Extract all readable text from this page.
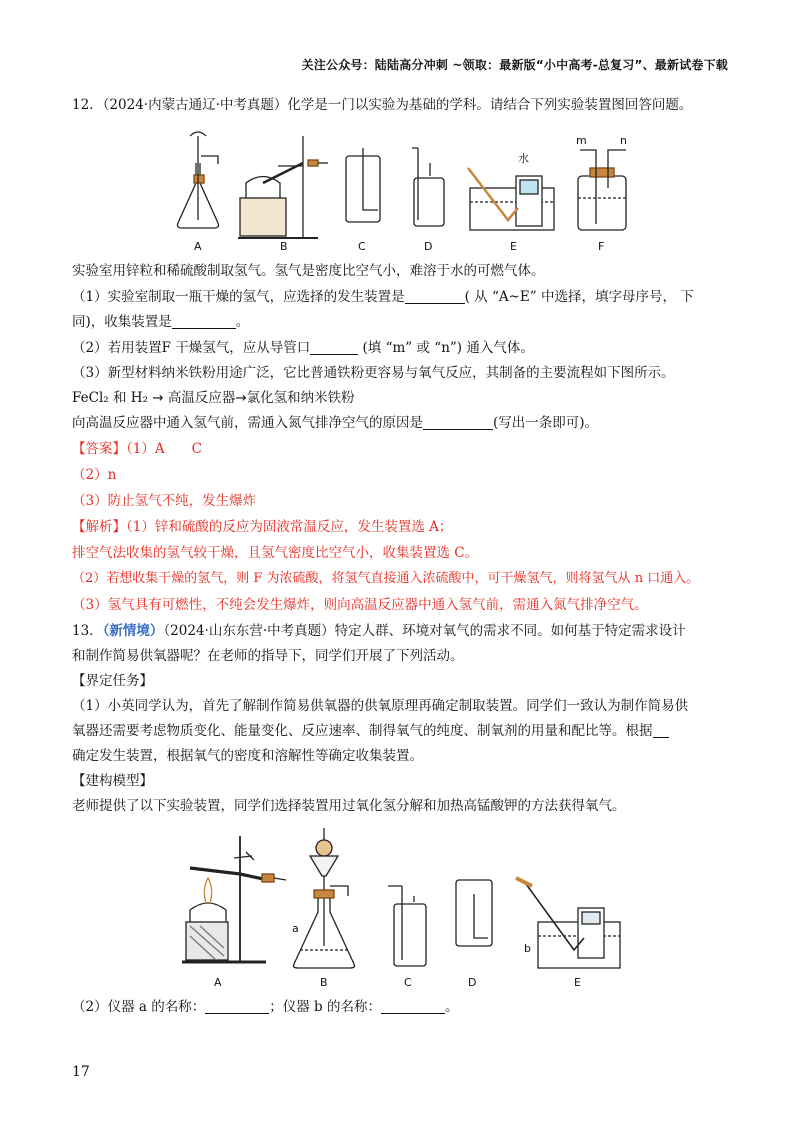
关注公众号：陆陆高分冲刺 ~领取：最新版“小中高考-总复习”、最新试卷下载
12．（2024·内蒙古通辽·中考真题）化学是一门以实验为基础的学科。请结合下列实验装置图回答问题。
水
m	n
A	B	C	D	E	F
实验室用锌粒和稀硫酸制取氢气。氢气是密度比空气小，难溶于水的可燃气体。
（1）实验室制取一瓶干燥的氢气，应选择的发生装置是	( 从 “A~E” 中选择，填字母序号， 下
同)，收集装置是	。
（2）若用装置F 干燥氢气，应从导管口	(填 “m” 或 “n”) 通入气体。
（3）新型材料纳米铁粉用途广泛，它比普通铁粉更容易与氧气反应，其制备的主要流程如下图所示。
FeCl₂ 和 H₂ → 高温反应器→氯化氢和纳米铁粉
向高温反应器中通入氢气前，需通入氮气排净空气的原因是	(写出一条即可)。
【答案】（1）A　　C
（2）n
（3）防止氢气不纯，发生爆炸
【解析】（1）锌和硫酸的反应为固液常温反应，发生装置选 A；
排空气法收集的氢气较干燥，且氢气密度比空气小，收集装置选 C。
（2）若想收集干燥的氢气，则 F 为浓硫酸，将氢气直接通入浓硫酸中，可干燥氢气，则将氢气从 n 口通入。
（3）氢气具有可燃性，不纯会发生爆炸，则向高温反应器中通入氢气前，需通入氮气排净空气。
13．（新情境）（2024·山东东营·中考真题）特定人群、环境对氧气的需求不同。如何基于特定需求设计
和制作简易供氧器呢？在老师的指导下，同学们开展了下列活动。
【界定任务】
（1）小英同学认为，首先了解制作简易供氧器的供氧原理再确定制取装置。同学们一致认为制作简易供
氧器还需要考虑物质变化、能量变化、反应速率、制得氧气的纯度、制氧剂的用量和配比等。根据
确定发生装置，根据氧气的密度和溶解性等确定收集装置。
【建构模型】
老师提供了以下实验装置，同学们选择装置用过氧化氢分解和加热高锰酸钾的方法获得氧气。
a
b
A	B	C	D	E
（2）仪器 a 的名称：	；仪器 b 的名称：	。
17
